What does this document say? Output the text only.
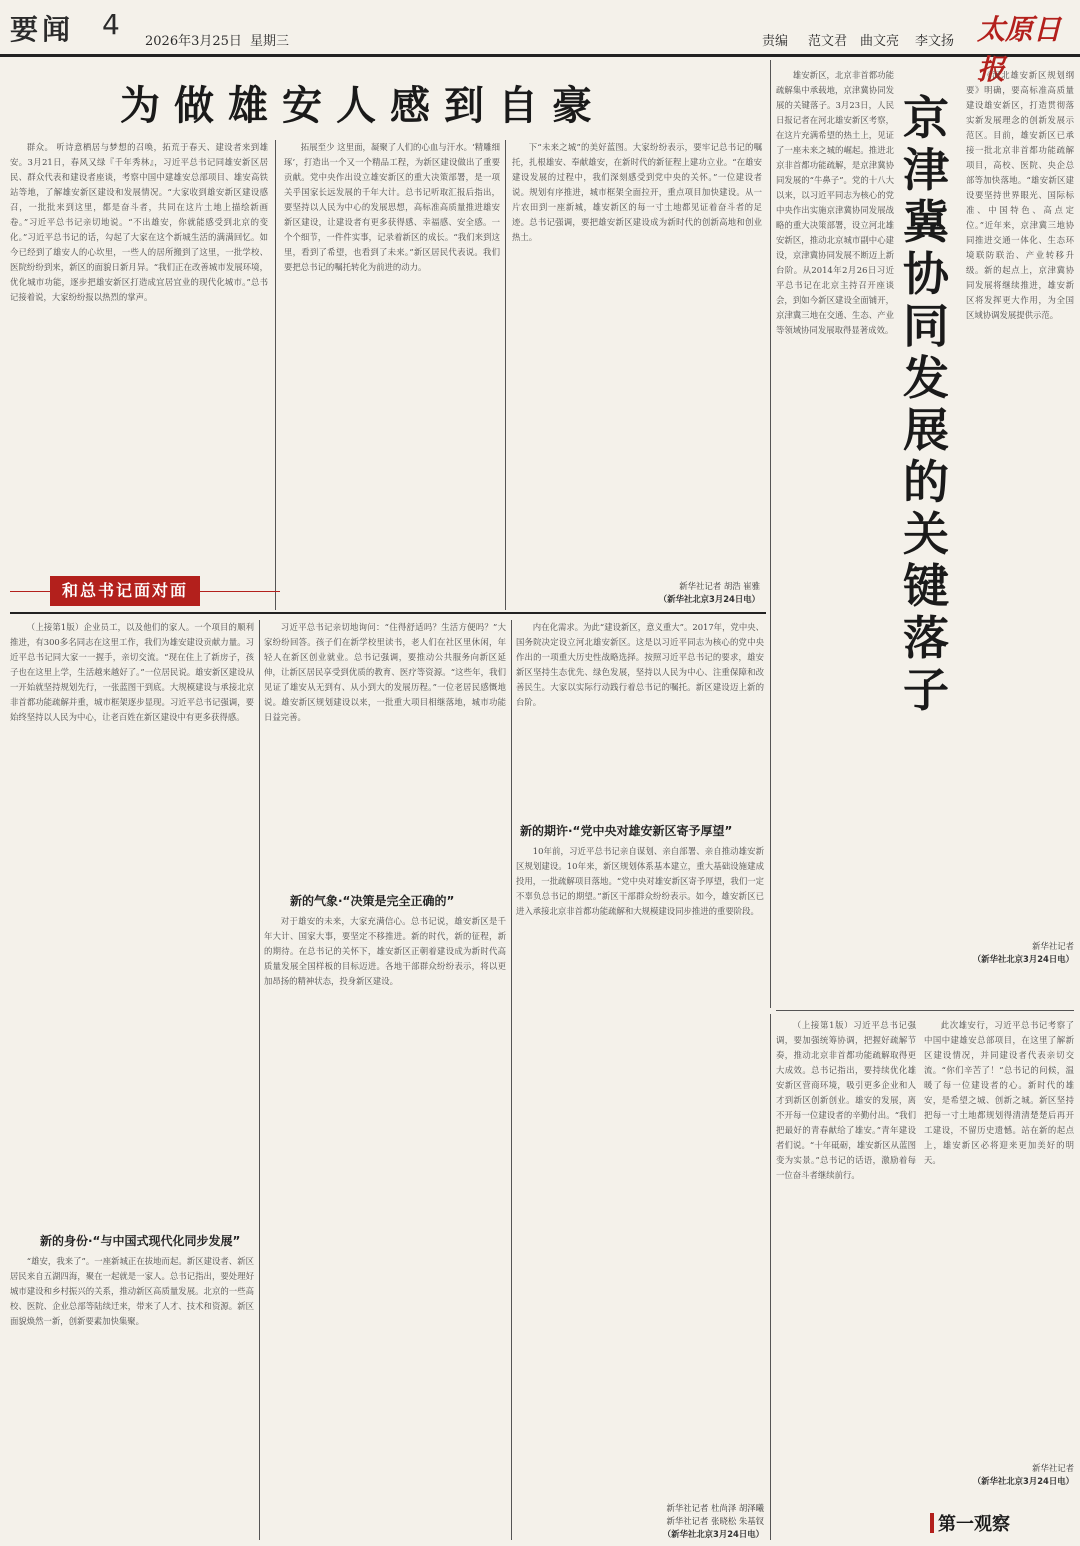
要闻 4
2026年3月25日 星期三	责编 范文君 曲文亮 李文扬 太原日报
为做雄安人感到自豪

群众。 听诗意栖居与梦想的召唤，拓荒于春天、建设者来到雄安。3月21日，春风又绿『千年秀林』，习近平总书记同雄安新区居民、群众代表和建设者座谈，考察中国中建雄安总部项目、雄安高铁站等地，了解雄安新区建设和发展情况。“大家收到雄安新区建设感召，一批批来到这里，都是奋斗者，共同在这片土地上描绘新画卷。”习近平总书记亲切地说。“不出雄安，你就能感受到北京的变化。”习近平总书记的话，勾起了大家在这个新城生活的满满回忆。如今已经到了雄安人的心坎里，一些人的居所搬到了这里，一批学校、医院纷纷到来，新区的面貌日新月异。“我们正在改善城市发展环境，优化城市功能，逐步把雄安新区打造成宜居宜业的现代化城市。”总书记接着说，大家纷纷报以热烈的掌声。

拓展至少 这里面，凝聚了人们的心血与汗水。‘精雕细琢’，打造出一个又一个精品工程，为新区建设做出了重要贡献。党中央作出设立雄安新区的重大决策部署，是一项关乎国家长远发展的千年大计。总书记听取汇报后指出，要坚持以人民为中心的发展思想，高标准高质量推进雄安新区建设，让建设者有更多获得感、幸福感、安全感。一个个细节，一件件实事，记录着新区的成长。“我们来到这里，看到了希望，也看到了未来。”新区居民代表说。我们要把总书记的嘱托转化为前进的动力。

下“未来之城”的美好蓝图。大家纷纷表示，要牢记总书记的嘱托，扎根雄安、奉献雄安，在新时代的新征程上建功立业。“在雄安建设发展的过程中，我们深刻感受到党中央的关怀。”一位建设者说。规划有序推进，城市框架全面拉开，重点项目加快建设。从一片农田到一座新城，雄安新区的每一寸土地都见证着奋斗者的足迹。总书记强调，要把雄安新区建设成为新时代的创新高地和创业热土。

和总书记面对面	新华社记者 胡浩 崔雅
（新华社北京3月24日电）

雄安新区，北京非首都功能疏解集中承载地，京津冀协同发展的关键落子。3月23日，人民日报记者在河北雄安新区考察，在这片充满希望的热土上，见证了一座未来之城的崛起。推进北京非首都功能疏解，是京津冀协同发展的“牛鼻子”。党的十八大以来，以习近平同志为核心的党中央作出实施京津冀协同发展战略的重大决策部署，设立河北雄安新区，推动北京城市副中心建设，京津冀协同发展不断迈上新台阶。从2014年2月26日习近平总书记在北京主持召开座谈会，到如今新区建设全面铺开，京津冀三地在交通、生态、产业等领域协同发展取得显著成效。

京津冀协同发展的关键落子

《河北雄安新区规划纲要》明确，要高标准高质量建设雄安新区，打造贯彻落实新发展理念的创新发展示范区。目前，雄安新区已承接一批北京非首都功能疏解项目，高校、医院、央企总部等加快落地。“雄安新区建设要坚持世界眼光、国际标准、中国特色、高点定位。”近年来，京津冀三地协同推进交通一体化、生态环境联防联治、产业转移升级。新的起点上，京津冀协同发展将继续推进，雄安新区将发挥更大作用，为全国区域协调发展提供示范。

新华社记者
（新华社北京3月24日电）

（上接第1版）企业员工，以及他们的家人。一个项目的顺利推进，有300多名同志在这里工作，我们为雄安建设贡献力量。习近平总书记同大家一一握手，亲切交流。“现在住上了新房子，孩子也在这里上学，生活越来越好了。”一位居民说。雄安新区建设从一开始就坚持规划先行，一张蓝图干到底。大规模建设与承接北京非首都功能疏解并重，城市框架逐步显现。习近平总书记强调，要始终坚持以人民为中心，让老百姓在新区建设中有更多获得感。

新的身份·“与中国式现代化同步发展”

“雄安，我来了”。一座新城正在拔地而起。新区建设者、新区居民来自五湖四海，聚在一起就是一家人。总书记指出，要处理好城市建设和乡村振兴的关系，推动新区高质量发展。北京的一些高校、医院、企业总部等陆续迁来，带来了人才、技术和资源。新区面貌焕然一新，创新要素加快集聚。

习近平总书记亲切地询问：“住得舒适吗？生活方便吗？”大家纷纷回答。孩子们在新学校里读书，老人们在社区里休闲，年轻人在新区创业就业。总书记强调，要推动公共服务向新区延伸，让新区居民享受到优质的教育、医疗等资源。“这些年，我们见证了雄安从无到有、从小到大的发展历程。”一位老居民感慨地说。雄安新区规划建设以来，一批重大项目相继落地，城市功能日益完善。

新的气象·“决策是完全正确的”

对于雄安的未来，大家充满信心。总书记说，雄安新区是千年大计、国家大事，要坚定不移推进。新的时代，新的征程，新的期待。在总书记的关怀下，雄安新区正朝着建设成为新时代高质量发展全国样板的目标迈进。各地干部群众纷纷表示，将以更加昂扬的精神状态，投身新区建设。

内在化需求。为此“建设新区，意义重大”。2017年，党中央、国务院决定设立河北雄安新区。这是以习近平同志为核心的党中央作出的一项重大历史性战略选择。按照习近平总书记的要求，雄安新区坚持生态优先、绿色发展，坚持以人民为中心、注重保障和改善民生。大家以实际行动践行着总书记的嘱托。新区建设迈上新的台阶。

新的期许·“党中央对雄安新区寄予厚望”

10年前，习近平总书记亲自谋划、亲自部署、亲自推动雄安新区规划建设。10年来，新区规划体系基本建立，重大基础设施建成投用，一批疏解项目落地。“党中央对雄安新区寄予厚望，我们一定不辜负总书记的期望。”新区干部群众纷纷表示。如今，雄安新区已进入承接北京非首都功能疏解和大规模建设同步推进的重要阶段。

新华社记者 杜尚泽 胡泽曦
新华社记者 张晓松 朱基钗
（新华社北京3月24日电）

（上接第1版）习近平总书记强调，要加强统筹协调，把握好疏解节奏，推动北京非首都功能疏解取得更大成效。总书记指出，要持续优化雄安新区营商环境，吸引更多企业和人才到新区创新创业。雄安的发展，离不开每一位建设者的辛勤付出。“我们把最好的青春献给了雄安。”青年建设者们说。“十年砥砺，雄安新区从蓝图变为实景。”总书记的话语，激励着每一位奋斗者继续前行。

此次雄安行，习近平总书记考察了中国中建雄安总部项目，在这里了解新区建设情况，并同建设者代表亲切交流。“你们辛苦了！”总书记的问候，温暖了每一位建设者的心。新时代的雄安，是希望之城、创新之城。新区坚持把每一寸土地都规划得清清楚楚后再开工建设，不留历史遗憾。站在新的起点上，雄安新区必将迎来更加美好的明天。

新华社记者
（新华社北京3月24日电）
第一观察
